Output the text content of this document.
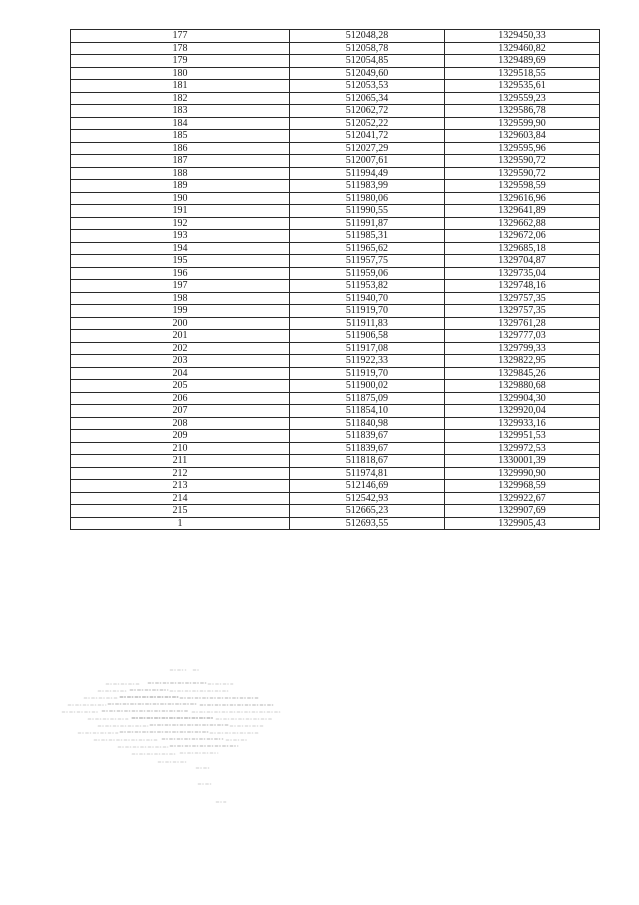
177	512048,28	1329450,33
178	512058,78	1329460,82
179	512054,85	1329489,69
180	512049,60	1329518,55
181	512053,53	1329535,61
182	512065,34	1329559,23
183	512062,72	1329586,78
184	512052,22	1329599,90
185	512041,72	1329603,84
186	512027,29	1329595,96
187	512007,61	1329590,72
188	511994,49	1329590,72
189	511983,99	1329598,59
190	511980,06	1329616,96
191	511990,55	1329641,89
192	511991,87	1329662,88
193	511985,31	1329672,06
194	511965,62	1329685,18
195	511957,75	1329704,87
196	511959,06	1329735,04
197	511953,82	1329748,16
198	511940,70	1329757,35
199	511919,70	1329757,35
200	511911,83	1329761,28
201	511906,58	1329777,03
202	511917,08	1329799,33
203	511922,33	1329822,95
204	511919,70	1329845,26
205	511900,02	1329880,68
206	511875,09	1329904,30
207	511854,10	1329920,04
208	511840,98	1329933,16
209	511839,67	1329951,53
210	511839,67	1329972,53
211	511818,67	1330001,39
212	511974,81	1329990,90
213	512146,69	1329968,59
214	512542,93	1329922,67
215	512665,23	1329907,69
1	512693,55	1329905,43
